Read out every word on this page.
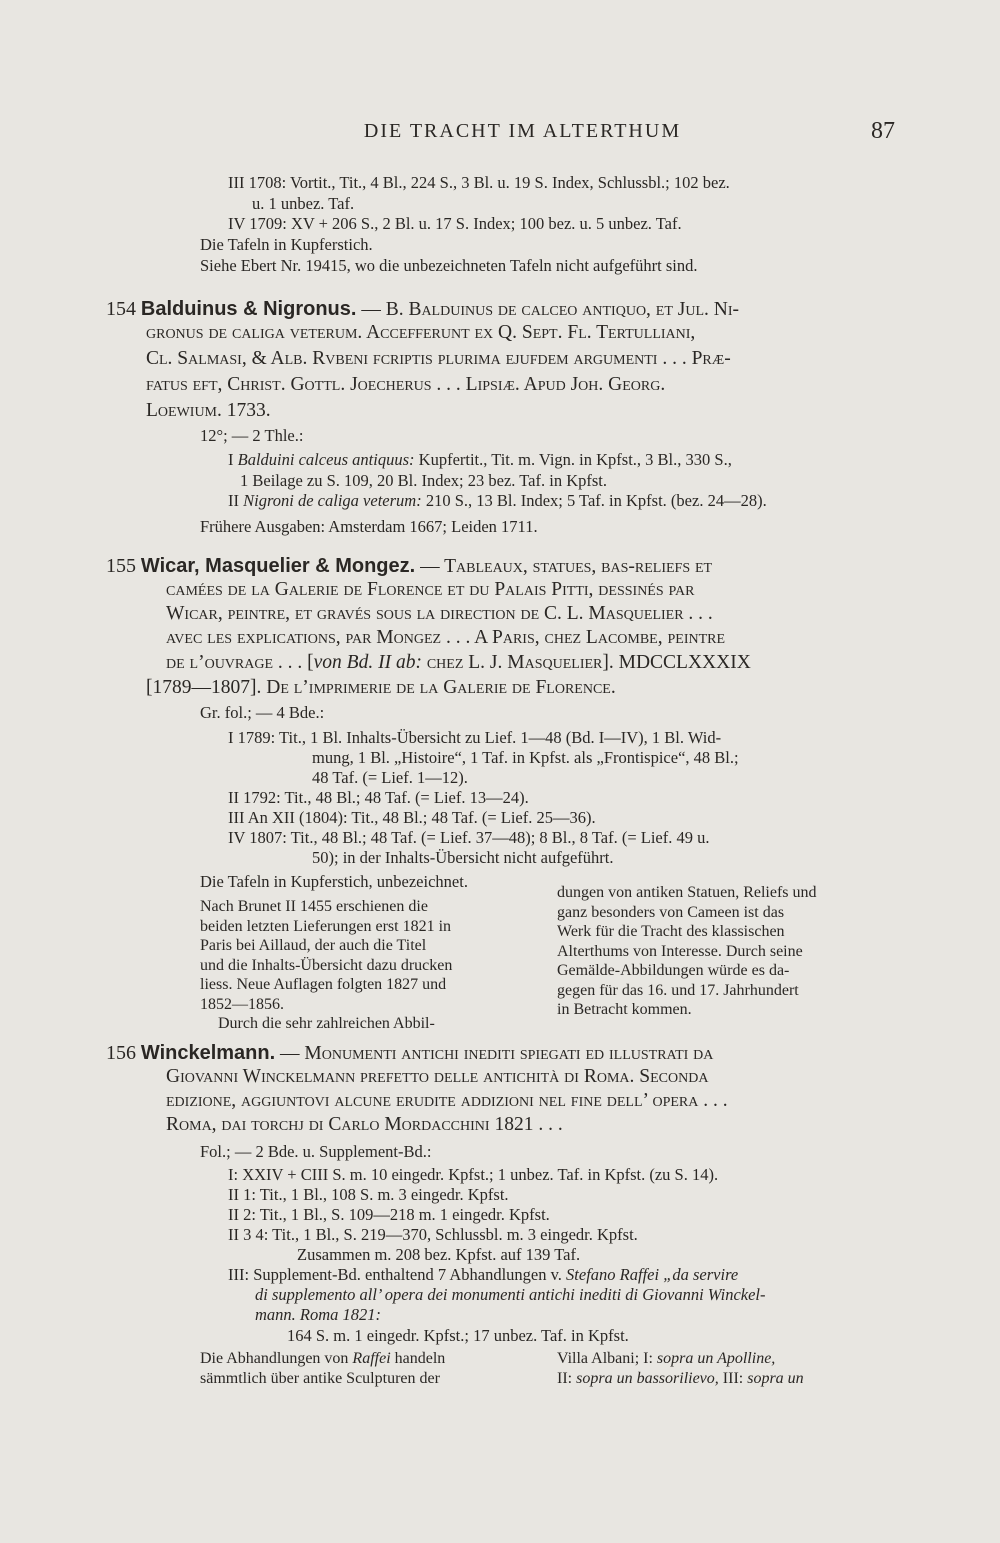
DIE TRACHT IM ALTERTHUM	87
III 1708: Vortit., Tit., 4 Bl., 224 S., 3 Bl. u. 19 S. Index, Schlussbl.; 102 bez.
u. 1 unbez. Taf.
IV 1709: XV + 206 S., 2 Bl. u. 17 S. Index; 100 bez. u. 5 unbez. Taf.
Die Tafeln in Kupferstich.
Siehe Ebert Nr. 19415, wo die unbezeichneten Tafeln nicht aufgeführt sind.
154 Balduinus & Nigronus. — B. Balduinus de calceo antiquo, et Jul. Ni-
gronus de caliga veterum. Accefferunt ex Q. Sept. Fl. Tertulliani,
Cl. Salmasi, & Alb. Rvbeni fcriptis plurima ejufdem argumenti . . . Præ-
fatus eft, Christ. Gottl. Joecherus . . . Lipsiæ. Apud Joh. Georg.
Loewium. 1733.
12°; — 2 Thle.:
I Balduini calceus antiquus: Kupfertit., Tit. m. Vign. in Kpfst., 3 Bl., 330 S.,
1 Beilage zu S. 109, 20 Bl. Index; 23 bez. Taf. in Kpfst.
II Nigroni de caliga veterum: 210 S., 13 Bl. Index; 5 Taf. in Kpfst. (bez. 24—28).
Frühere Ausgaben: Amsterdam 1667; Leiden 1711.
155 Wicar, Masquelier & Mongez. — Tableaux, statues, bas-reliefs et
camées de la Galerie de Florence et du Palais Pitti, dessinés par
Wicar, peintre, et gravés sous la direction de C. L. Masquelier . . .
avec les explications, par Mongez . . . A Paris, chez Lacombe, peintre
de l’ouvrage . . . [von Bd. II ab: chez L. J. Masquelier]. MDCCLXXXIX
[1789—1807]. De l’imprimerie de la Galerie de Florence.
Gr. fol.; — 4 Bde.:
I 1789: Tit., 1 Bl. Inhalts-Übersicht zu Lief. 1—48 (Bd. I—IV), 1 Bl. Wid-
mung, 1 Bl. „Histoire“, 1 Taf. in Kpfst. als „Frontispice“, 48 Bl.;
48 Taf. (= Lief. 1—12).
II 1792: Tit., 48 Bl.; 48 Taf. (= Lief. 13—24).
III An XII (1804): Tit., 48 Bl.; 48 Taf. (= Lief. 25—36).
IV 1807: Tit., 48 Bl.; 48 Taf. (= Lief. 37—48); 8 Bl., 8 Taf. (= Lief. 49 u.
50); in der Inhalts-Übersicht nicht aufgeführt.
Die Tafeln in Kupferstich, unbezeichnet.
Nach Brunet II 1455 erschienen die
beiden letzten Lieferungen erst 1821 in
Paris bei Aillaud, der auch die Titel
und die Inhalts-Übersicht dazu drucken
liess. Neue Auflagen folgten 1827 und
1852—1856.
Durch die sehr zahlreichen Abbil-
dungen von antiken Statuen, Reliefs und
ganz besonders von Cameen ist das
Werk für die Tracht des klassischen
Alterthums von Interesse. Durch seine
Gemälde-Abbildungen würde es da-
gegen für das 16. und 17. Jahrhundert
in Betracht kommen.
156 Winckelmann. — Monumenti antichi inediti spiegati ed illustrati da
Giovanni Winckelmann prefetto delle antichità di Roma. Seconda
edizione, aggiuntovi alcune erudite addizioni nel fine dell’ opera . . .
Roma, dai torchj di Carlo Mordacchini 1821 . . .
Fol.; — 2 Bde. u. Supplement-Bd.:
I: XXIV + CIII S. m. 10 eingedr. Kpfst.; 1 unbez. Taf. in Kpfst. (zu S. 14).
II 1: Tit., 1 Bl., 108 S. m. 3 eingedr. Kpfst.
II 2: Tit., 1 Bl., S. 109—218 m. 1 eingedr. Kpfst.
II 3 4: Tit., 1 Bl., S. 219—370, Schlussbl. m. 3 eingedr. Kpfst.
Zusammen m. 208 bez. Kpfst. auf 139 Taf.
III: Supplement-Bd. enthaltend 7 Abhandlungen v. Stefano Raffei „da servire
di supplemento all’ opera dei monumenti antichi inediti di Giovanni Winckel-
mann. Roma 1821:
164 S. m. 1 eingedr. Kpfst.; 17 unbez. Taf. in Kpfst.
Die Abhandlungen von Raffei handeln
sämmtlich über antike Sculpturen der
Villa Albani; I: sopra un Apolline,
II: sopra un bassorilievo, III: sopra un
